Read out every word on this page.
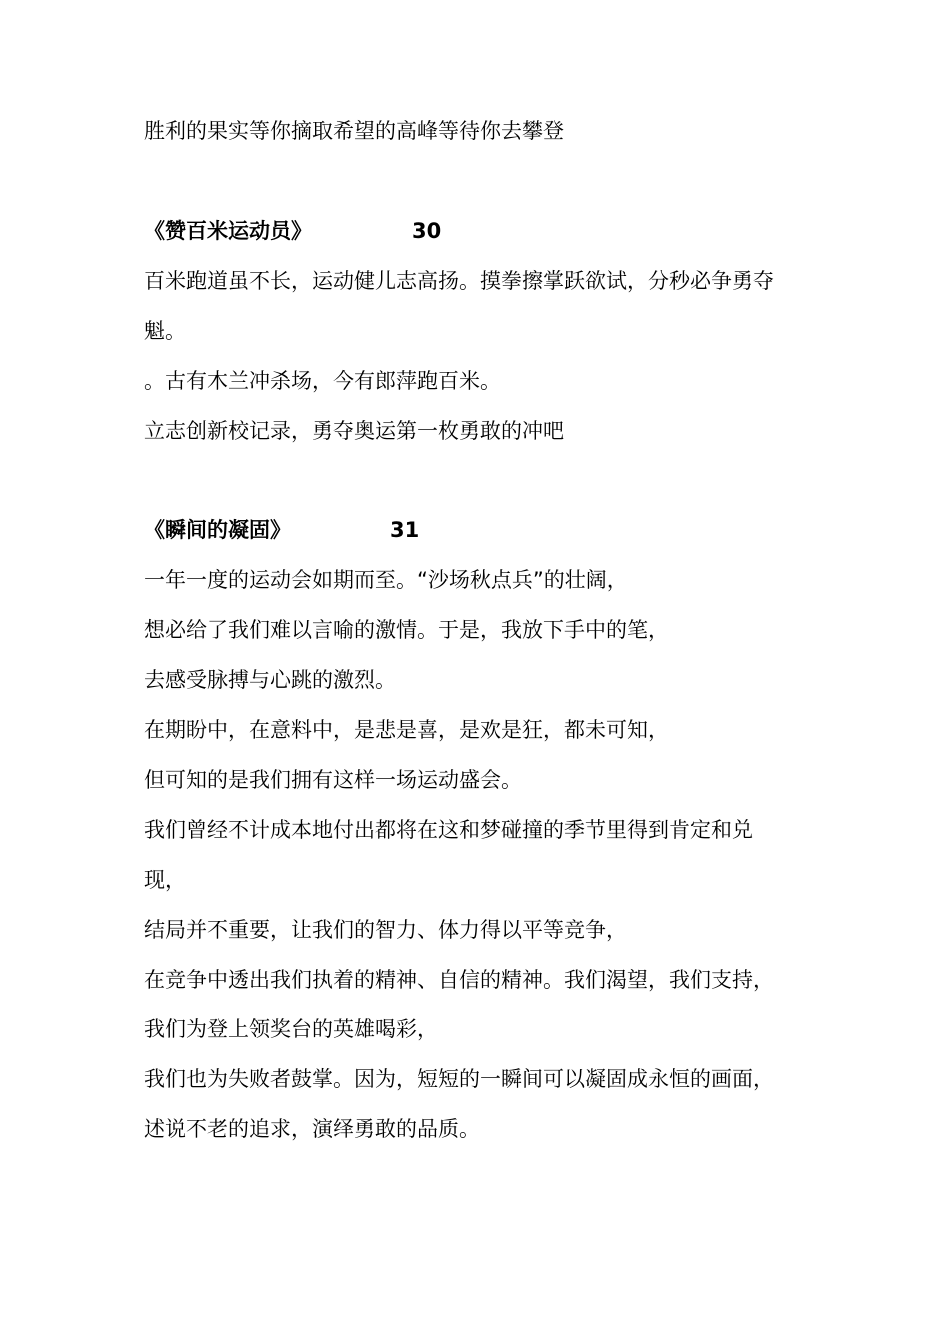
胜利的果实等你摘取希望的高峰等待你去攀登
《赞百米运动员》	30
百米跑道虽不长，运动健儿志高扬。摸拳擦掌跃欲试，分秒必争勇夺
魁。
。古有木兰冲杀场，今有郎萍跑百米。
立志创新校记录，勇夺奥运第一枚勇敢的冲吧
《瞬间的凝固》	31
一年一度的运动会如期而至。“沙场秋点兵”的壮阔，
想必给了我们难以言喻的激情。于是，我放下手中的笔，
去感受脉搏与心跳的激烈。
在期盼中，在意料中，是悲是喜，是欢是狂，都未可知，
但可知的是我们拥有这样一场运动盛会。
我们曾经不计成本地付出都将在这和梦碰撞的季节里得到肯定和兑
现，
结局并不重要，让我们的智力、体力得以平等竞争，
在竞争中透出我们执着的精神、自信的精神。我们渴望，我们支持，
我们为登上领奖台的英雄喝彩，
我们也为失败者鼓掌。因为，短短的一瞬间可以凝固成永恒的画面，
述说不老的追求，演绎勇敢的品质。
